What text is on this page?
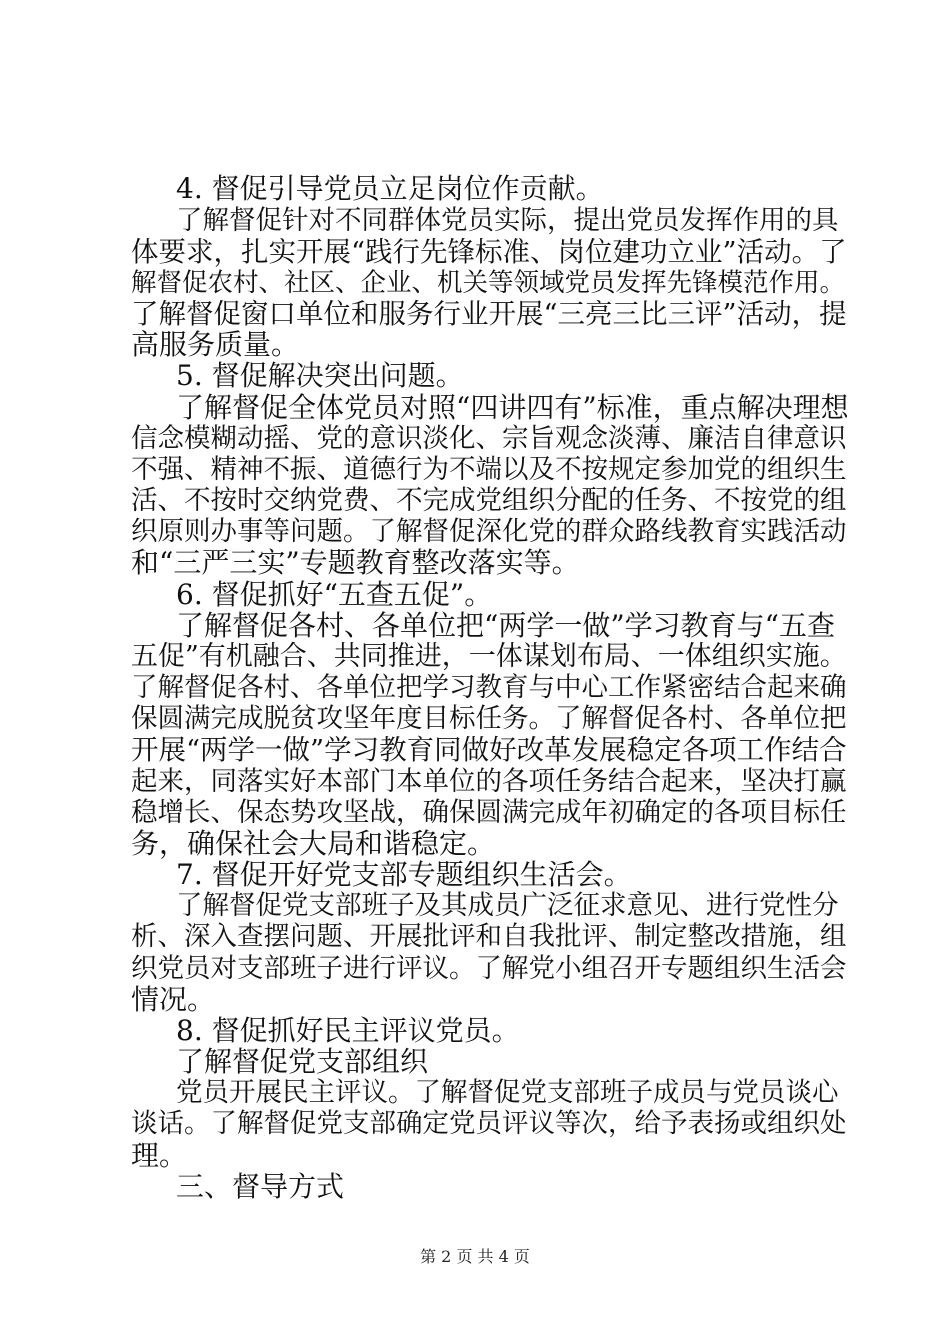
4. 督促引导党员立足岗位作贡献。
了解督促针对不同群体党员实际，提出党员发挥作用的具
体要求，扎实开展“践行先锋标准、岗位建功立业”活动。了
解督促农村、社区、企业、机关等领域党员发挥先锋模范作用。
了解督促窗口单位和服务行业开展“三亮三比三评”活动，提
高服务质量。
5. 督促解决突出问题。
了解督促全体党员对照“四讲四有”标准，重点解决理想
信念模糊动摇、党的意识淡化、宗旨观念淡薄、廉洁自律意识
不强、精神不振、道德行为不端以及不按规定参加党的组织生
活、不按时交纳党费、不完成党组织分配的任务、不按党的组
织原则办事等问题。了解督促深化党的群众路线教育实践活动
和“三严三实”专题教育整改落实等。
6. 督促抓好“五查五促”。
了解督促各村、各单位把“两学一做”学习教育与“五查
五促”有机融合、共同推进，一体谋划布局、一体组织实施。
了解督促各村、各单位把学习教育与中心工作紧密结合起来确
保圆满完成脱贫攻坚年度目标任务。了解督促各村、各单位把
开展“两学一做”学习教育同做好改革发展稳定各项工作结合
起来，同落实好本部门本单位的各项任务结合起来，坚决打赢
稳增长、保态势攻坚战，确保圆满完成年初确定的各项目标任
务，确保社会大局和谐稳定。
7. 督促开好党支部专题组织生活会。
了解督促党支部班子及其成员广泛征求意见、进行党性分
析、深入查摆问题、开展批评和自我批评、制定整改措施，组
织党员对支部班子进行评议。了解党小组召开专题组织生活会
情况。
8. 督促抓好民主评议党员。
了解督促党支部组织
党员开展民主评议。了解督促党支部班子成员与党员谈心
谈话。了解督促党支部确定党员评议等次，给予表扬或组织处
理。
三、督导方式
第 2 页 共 4 页
